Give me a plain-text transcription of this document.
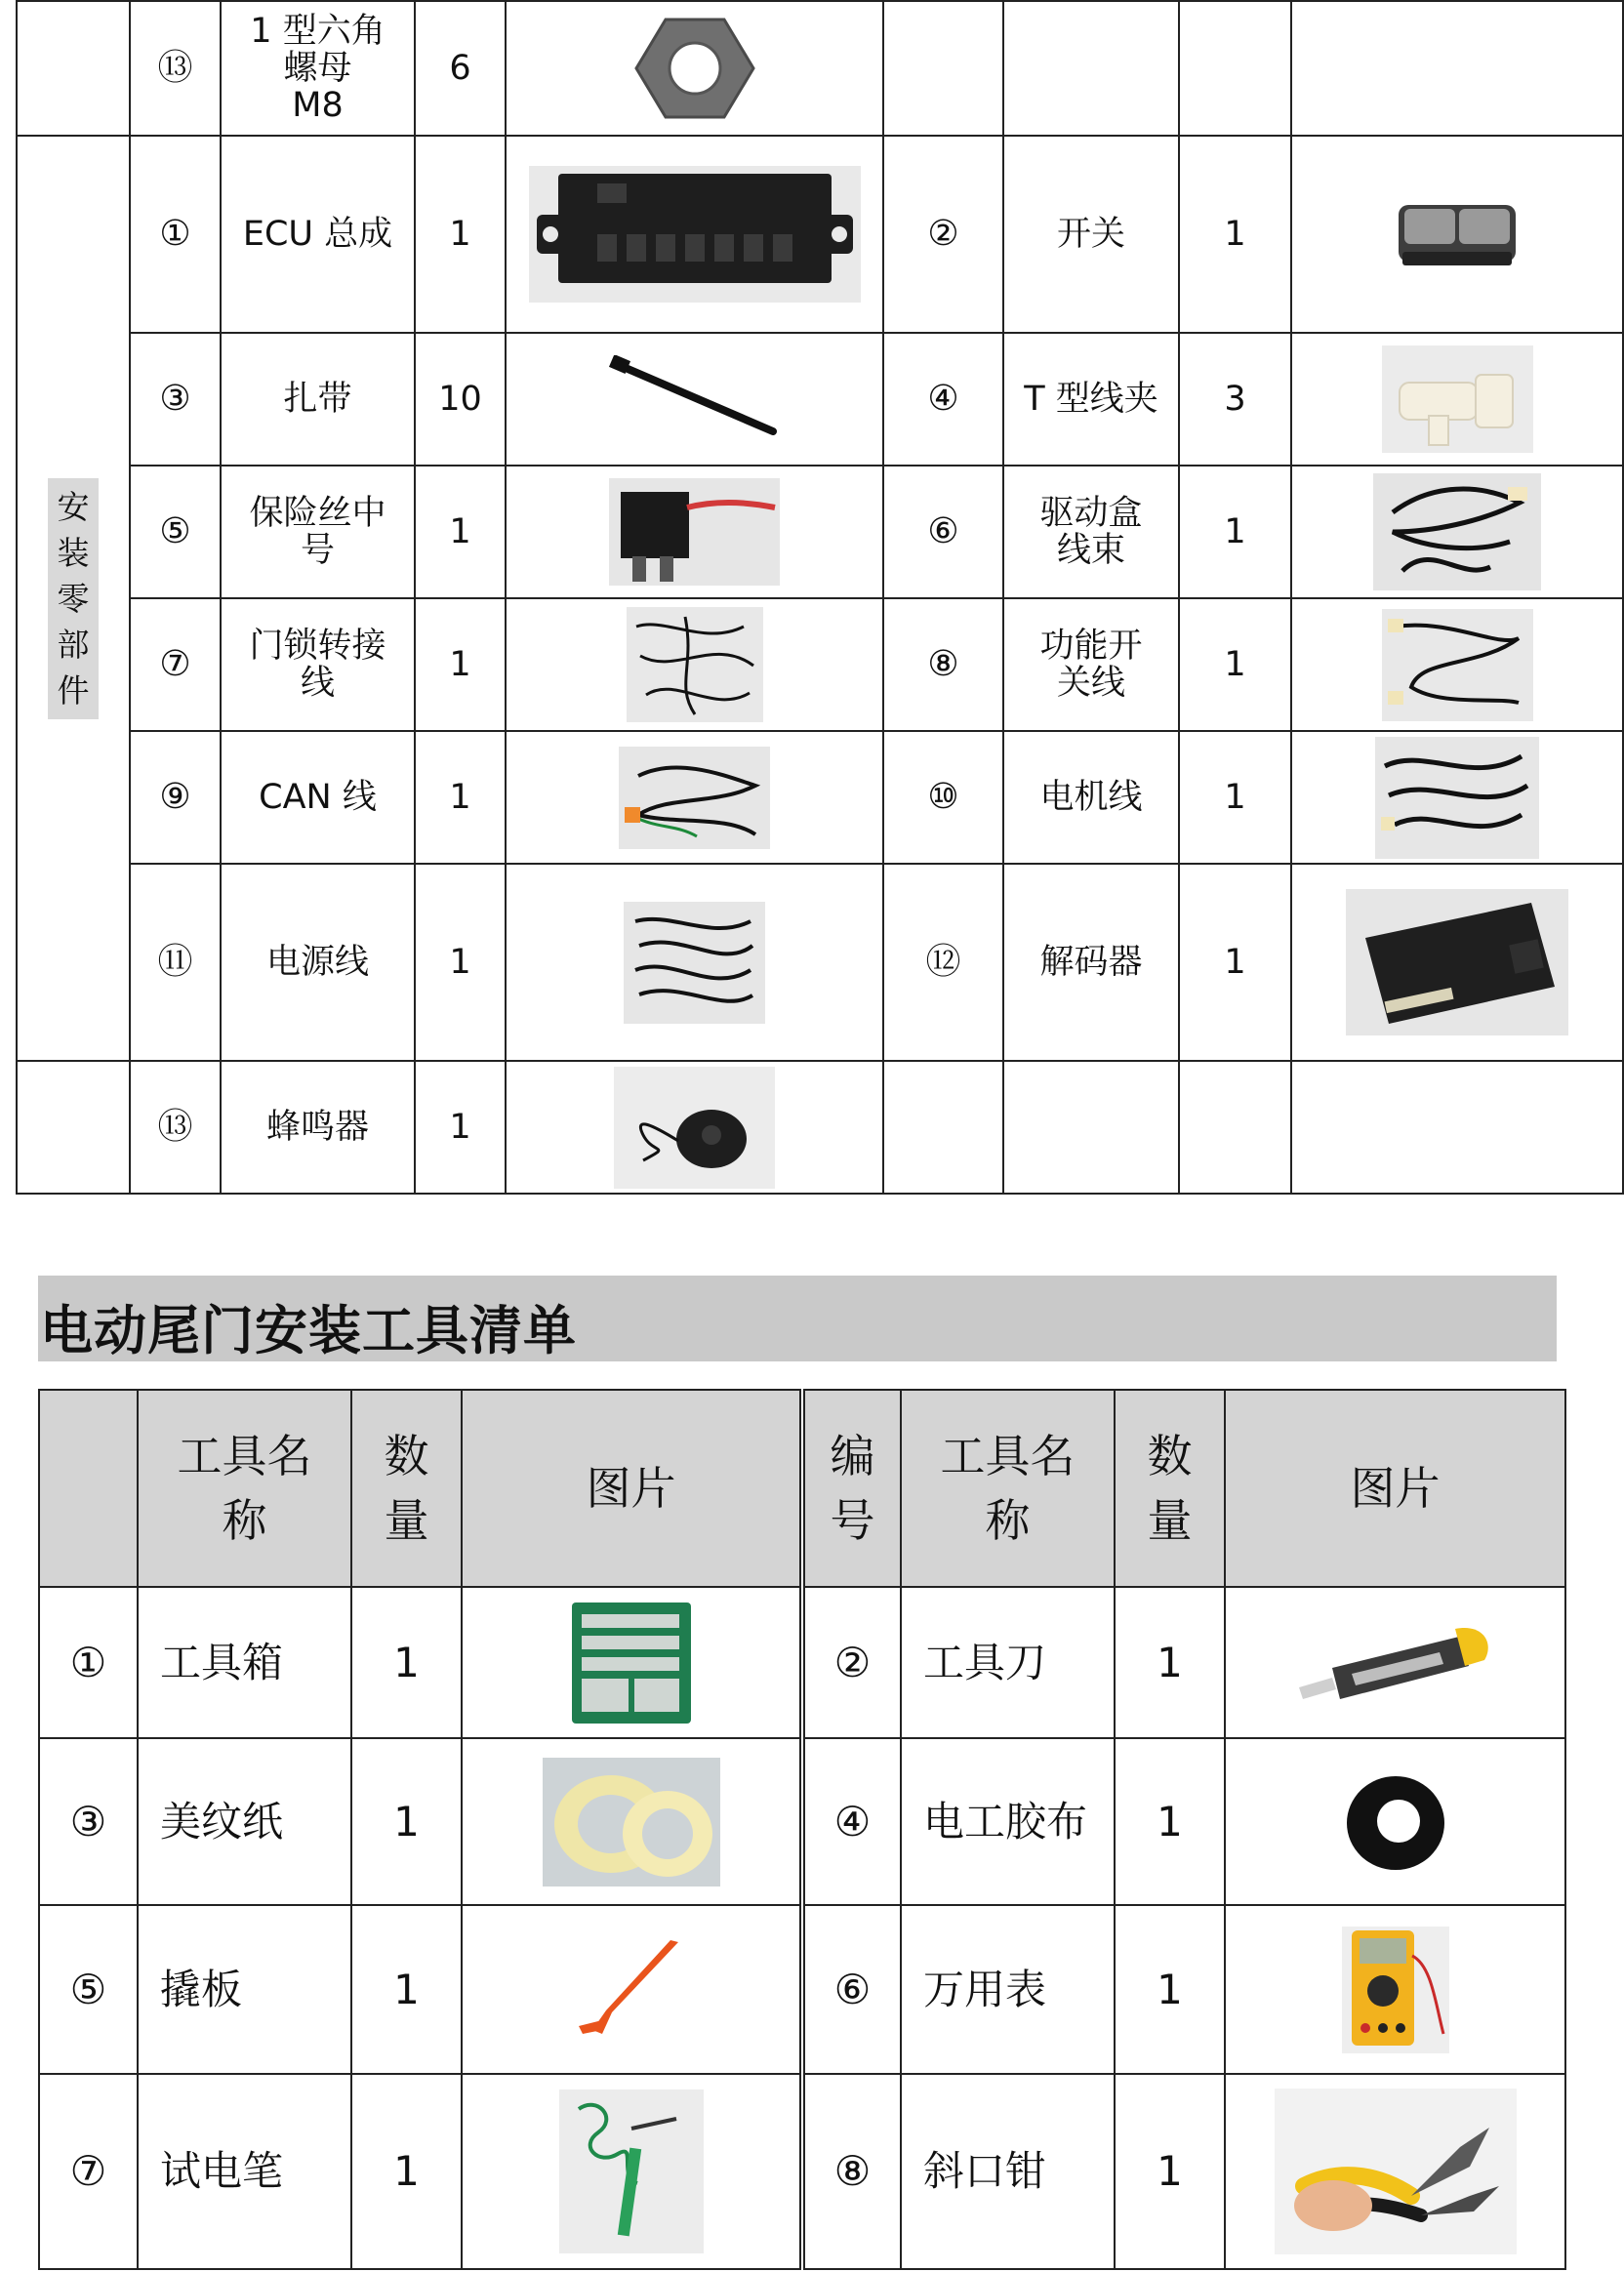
	⑬	1 型六角
螺母
M8	6	

安装零部件	①	ECU 总成	1		②	开关	1	

	③	扎带	10		④	T 型线夹	3	

	⑤	保险丝中
号	1		⑥	驱动盒
线束	1	

	⑦	门锁转接
线	1		⑧	功能开
关线	1	

	⑨	CAN 线	1		⑩	电机线	1	

	⑪	电源线	1		⑫	解码器	1	

	⑬	蜂鸣器	1	

电动尾门安装工具清单
	工具名
称	数
量	图片	编
号	工具名
称	数
量	图片
①	工具箱	1		②	工具刀	1	

③	美纹纸	1		④	电工胶布	1	

⑤	撬板	1		⑥	万用表	1	

⑦	试电笔	1		⑧	斜口钳	1	
